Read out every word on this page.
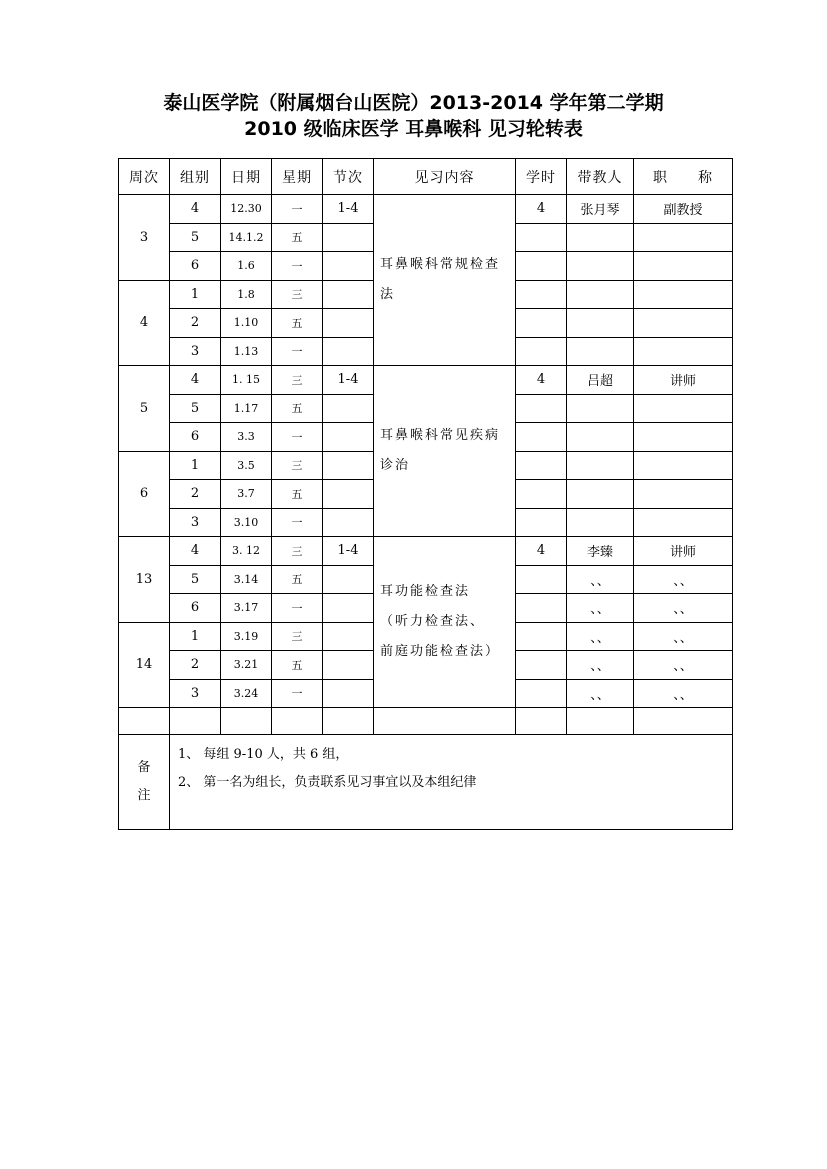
泰山医学院（附属烟台山医院）2013-2014 学年第二学期
2010 级临床医学 耳鼻喉科 见习轮转表
周次	组别	日期	星期	节次	见习内容	学时	带教人	职　　称
3	4	12.30	一	1-4	耳鼻喉科常规检查法	4	张月琴	副教授
	5	14.1.2	五					
	6	1.6	一					
4	1	1.8	三					
	2	1.10	五					
	3	1.13	一					
5	4	1. 15	三	1-4	耳鼻喉科常见疾病诊治	4	吕超	讲师
	5	1.17	五					
	6	3.3	一					
6	1	3.5	三					
	2	3.7	五					
	3	3.10	一					
13	4	3. 12	三	1-4	耳功能检查法
（听力检查法、
前庭功能检查法）	4	李臻	讲师
	5	3.14	五				、、	、、
	6	3.17	一				、、	、、
14	1	3.19	三				、、	、、
	2	3.21	五				、、	、、
	3	3.24	一				、、	、、

备
注	1、 每组 9-10 人，共 6 组，
2、 第一名为组长，负责联系见习事宜以及本组纪律							
